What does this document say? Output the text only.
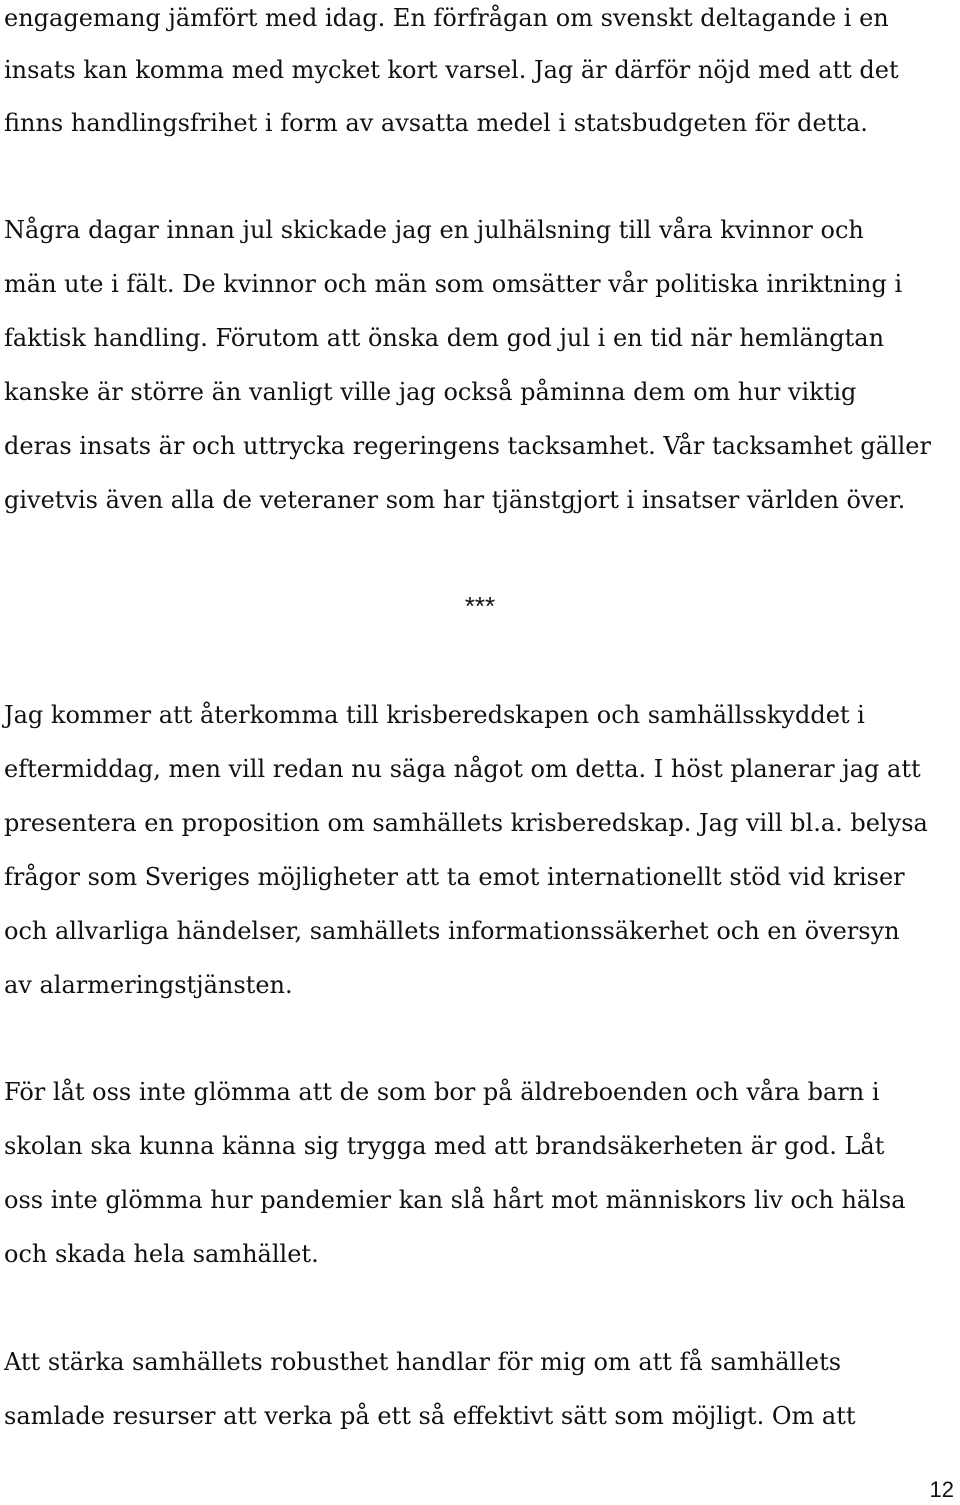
engagemang jämfört med idag. En förfrågan om svenskt deltagande i en
insats kan komma med mycket kort varsel. Jag är därför nöjd med att det
finns handlingsfrihet i form av avsatta medel i statsbudgeten för detta.
Några dagar innan jul skickade jag en julhälsning till våra kvinnor och
män ute i fält. De kvinnor och män som omsätter vår politiska inriktning i
faktisk handling. Förutom att önska dem god jul i en tid när hemlängtan
kanske är större än vanligt ville jag också påminna dem om hur viktig
deras insats är och uttrycka regeringens tacksamhet. Vår tacksamhet gäller
givetvis även alla de veteraner som har tjänstgjort i insatser världen över.
***
Jag kommer att återkomma till krisberedskapen och samhällsskyddet i
eftermiddag, men vill redan nu säga något om detta. I höst planerar jag att
presentera en proposition om samhällets krisberedskap. Jag vill bl.a. belysa
frågor som Sveriges möjligheter att ta emot internationellt stöd vid kriser
och allvarliga händelser, samhällets informationssäkerhet och en översyn
av alarmeringstjänsten.
För låt oss inte glömma att de som bor på äldreboenden och våra barn i
skolan ska kunna känna sig trygga med att brandsäkerheten är god. Låt
oss inte glömma hur pandemier kan slå hårt mot människors liv och hälsa
och skada hela samhället.
Att stärka samhällets robusthet handlar för mig om att få samhällets
samlade resurser att verka på ett så effektivt sätt som möjligt. Om att
12
